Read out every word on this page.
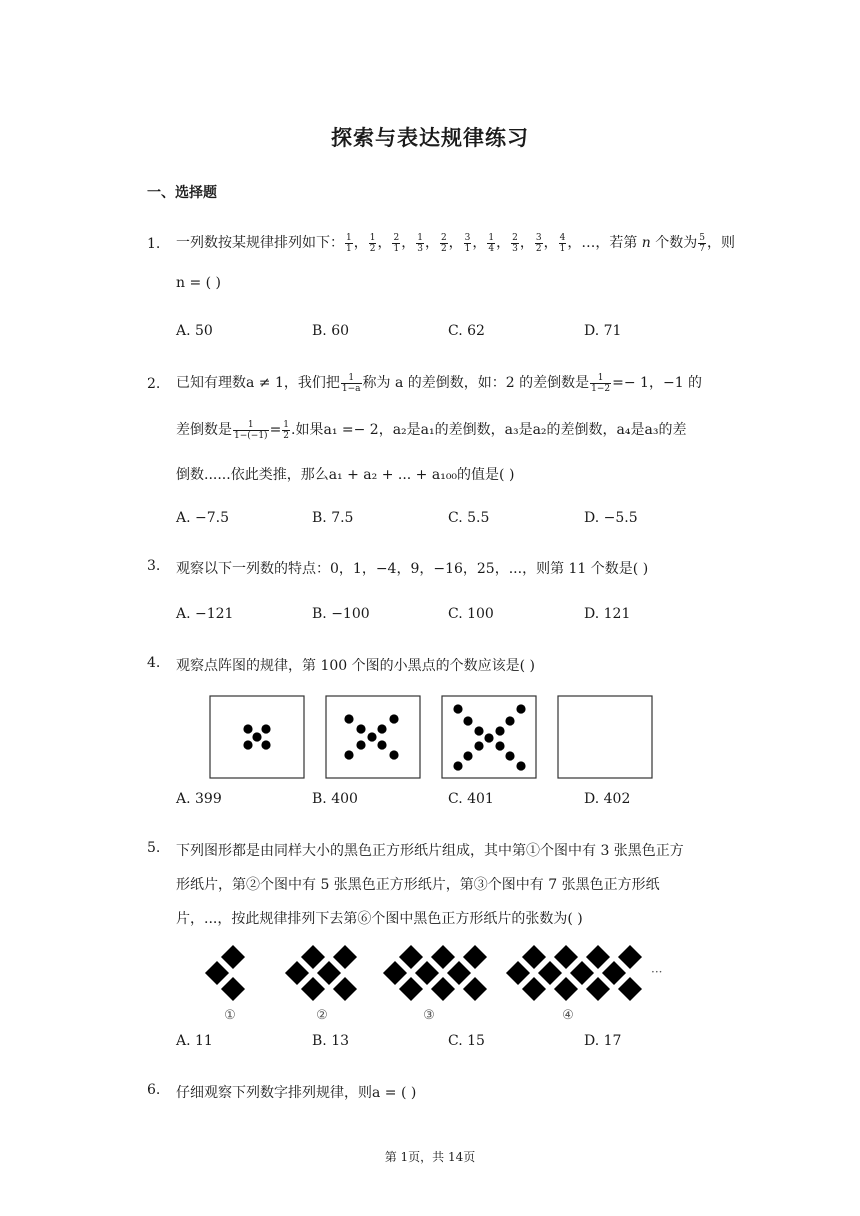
探索与表达规律练习
一、选择题
1. 一列数按某规律排列如下： $\frac{1}{1}$ ， $\frac{1}{2}$ ， $\frac{2}{1}$ ， $\frac{1}{3}$ ， $\frac{2}{2}$ ， $\frac{3}{1}$ ， $\frac{1}{4}$ ， $\frac{2}{3}$ ， $\frac{3}{2}$ ， $\frac{4}{1}$ ，…，若第 n 个数为 $\frac{5}{7}$ ，则
n = ( )
A. 50	B. 60	C. 62	D. 71
2. 已知有理数a ≠ 1，我们把 $\frac{1}{1-a}$ 称为 a 的差倒数，如：2 的差倒数是 $\frac{1}{1-2} =- 1$，−1 的
差倒数是 $\frac{1}{1-(-1)} = \frac{1}{2}$ .如果a₁ =− 2，a₂是a₁的差倒数，a₃是a₂的差倒数，a₄是a₃的差
倒数......依此类推，那么a₁ + a₂ + ... + a₁₀₀的值是( )
A. −7.5	B. 7.5	C. 5.5	D. −5.5
3. 观察以下一列数的特点：0，1，−4，9，−16，25，...，则第 11 个数是( )
A. −121	B. −100	C. 100	D. 121
4. 观察点阵图的规律，第 100 个图的小黑点的个数应该是( )
A. 399	B. 400	C. 401	D. 402
5. 下列图形都是由同样大小的黑色正方形纸片组成，其中第①个图中有 3 张黑色正方
形纸片，第②个图中有 5 张黑色正方形纸片，第③个图中有 7 张黑色正方形纸
片，...，按此规律排列下去第⑥个图中黑色正方形纸片的张数为( )
···
①	②	③	④
A. 11	B. 13	C. 15	D. 17
6. 仔细观察下列数字排列规律，则a = ( )
第 1页，共 14页
